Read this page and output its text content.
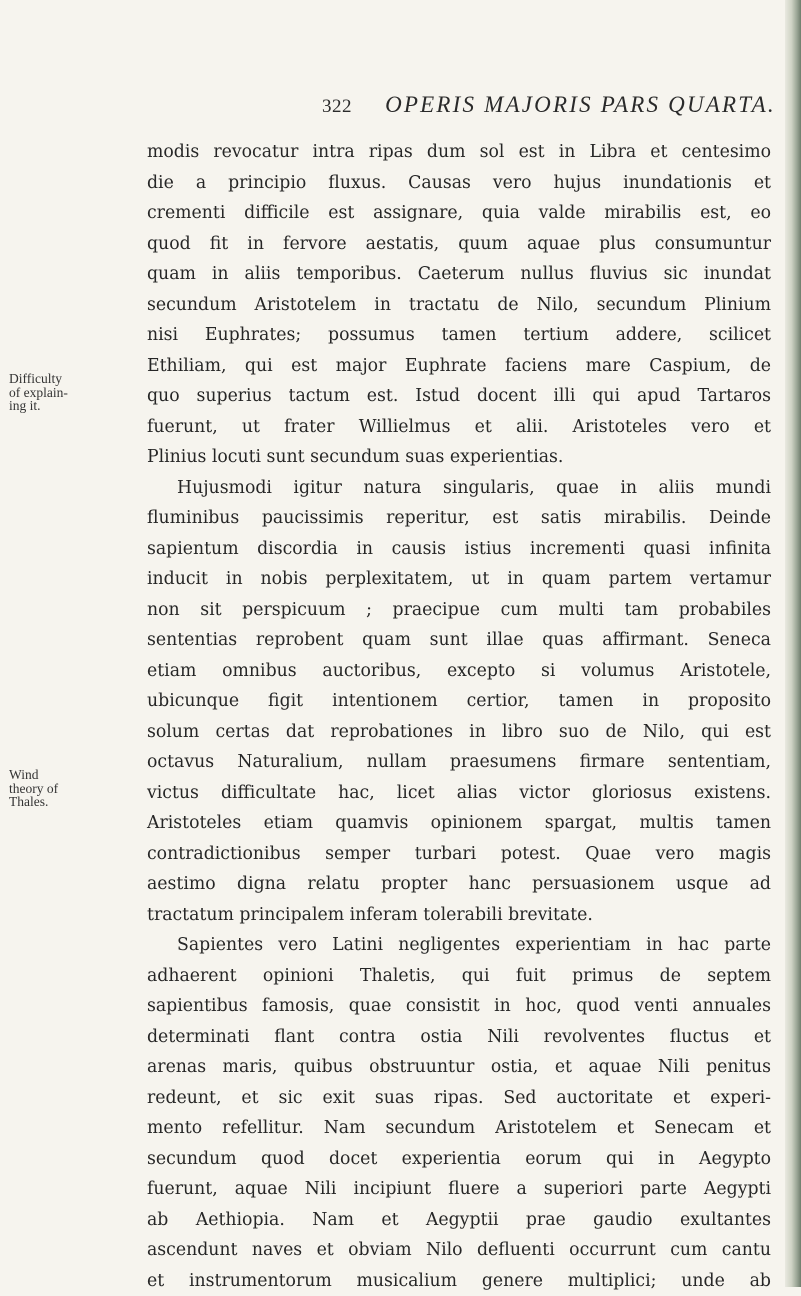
322 OPERIS MAJORIS PARS QUARTA.
Difficulty
of explain-
ing it.
Wind
theory of
Thales.
modis revocatur intra ripas dum sol est in Libra et centesimo
die a principio fluxus. Causas vero hujus inundationis et
crementi difficile est assignare, quia valde mirabilis est, eo
quod fit in fervore aestatis, quum aquae plus consumuntur
quam in aliis temporibus. Caeterum nullus fluvius sic inundat
secundum Aristotelem in tractatu de Nilo, secundum Plinium
nisi Euphrates; possumus tamen tertium addere, scilicet
Ethiliam, qui est major Euphrate faciens mare Caspium, de
quo superius tactum est. Istud docent illi qui apud Tartaros
fuerunt, ut frater Willielmus et alii. Aristoteles vero et
Plinius locuti sunt secundum suas experientias.
Hujusmodi igitur natura singularis, quae in aliis mundi
fluminibus paucissimis reperitur, est satis mirabilis. Deinde
sapientum discordia in causis istius incrementi quasi infinita
inducit in nobis perplexitatem, ut in quam partem vertamur
non sit perspicuum ; praecipue cum multi tam probabiles
sententias reprobent quam sunt illae quas affirmant. Seneca
etiam omnibus auctoribus, excepto si volumus Aristotele,
ubicunque figit intentionem certior, tamen in proposito
solum certas dat reprobationes in libro suo de Nilo, qui est
octavus Naturalium, nullam praesumens firmare sententiam,
victus difficultate hac, licet alias victor gloriosus existens.
Aristoteles etiam quamvis opinionem spargat, multis tamen
contradictionibus semper turbari potest. Quae vero magis
aestimo digna relatu propter hanc persuasionem usque ad
tractatum principalem inferam tolerabili brevitate.
Sapientes vero Latini negligentes experientiam in hac parte
adhaerent opinioni Thaletis, qui fuit primus de septem
sapientibus famosis, quae consistit in hoc, quod venti annuales
determinati flant contra ostia Nili revolventes fluctus et
arenas maris, quibus obstruuntur ostia, et aquae Nili penitus
redeunt, et sic exit suas ripas. Sed auctoritate et experi-
mento refellitur. Nam secundum Aristotelem et Senecam et
secundum quod docet experientia eorum qui in Aegypto
fuerunt, aquae Nili incipiunt fluere a superiori parte Aegypti
ab Aethiopia. Nam et Aegyptii prae gaudio exultantes
ascendunt naves et obviam Nilo defluenti occurrunt cum cantu
et instrumentorum musicalium genere multiplici; unde ab
